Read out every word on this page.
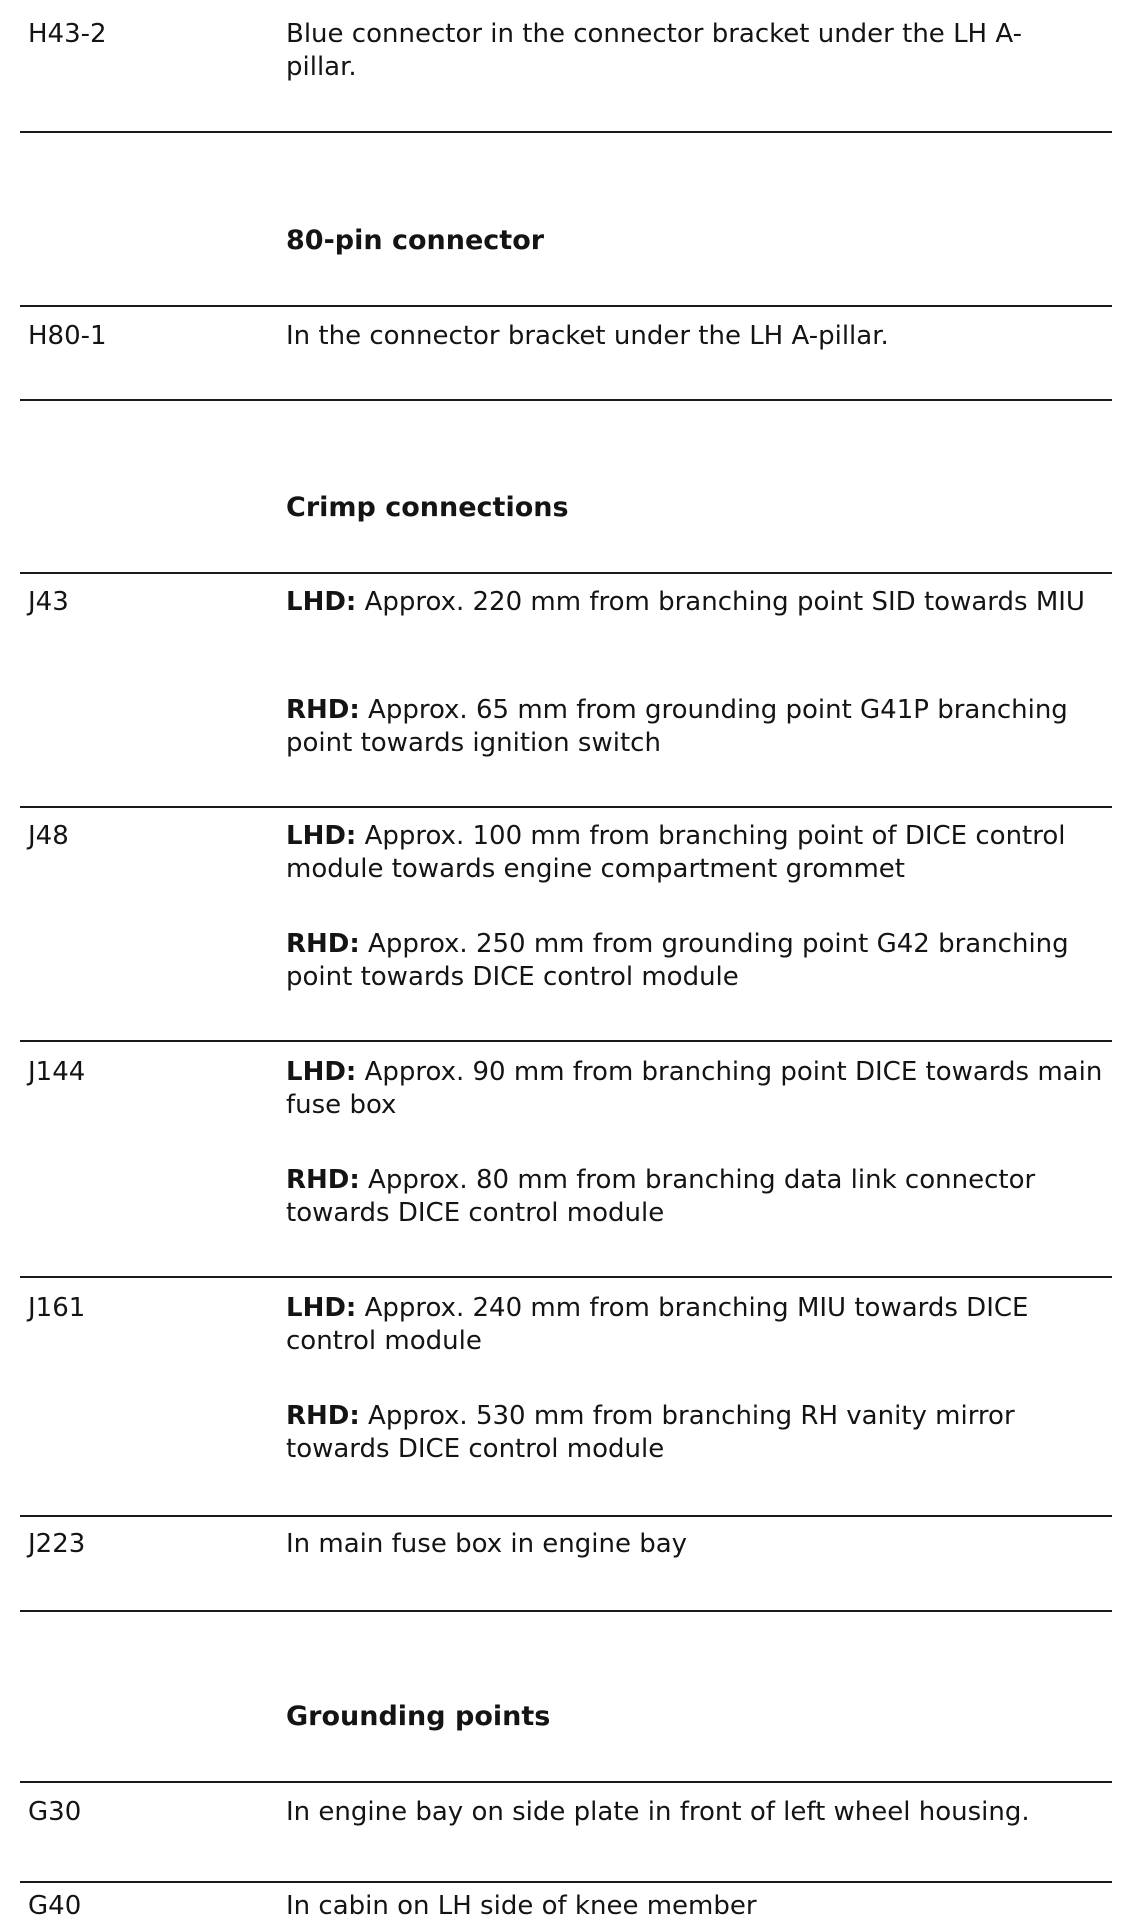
H43-2	Blue connector in the connector bracket under the LH A-pillar.
80-pin connector
H80-1	In the connector bracket under the LH A-pillar.
Crimp connections
J43	LHD: Approx. 220 mm from branching point SID towards MIU
RHD: Approx. 65 mm from grounding point G41P branching point towards ignition switch
J48	LHD: Approx. 100 mm from branching point of DICE control module towards engine compartment grommet
RHD: Approx. 250 mm from grounding point G42 branching point towards DICE control module
J144	LHD: Approx. 90 mm from branching point DICE towards main fuse box
RHD: Approx. 80 mm from branching data link connector towards DICE control module
J161	LHD: Approx. 240 mm from branching MIU towards DICE control module
RHD: Approx. 530 mm from branching RH vanity mirror towards DICE control module
J223	In main fuse box in engine bay
Grounding points
G30	In engine bay on side plate in front of left wheel housing.
G40	In cabin on LH side of knee member
